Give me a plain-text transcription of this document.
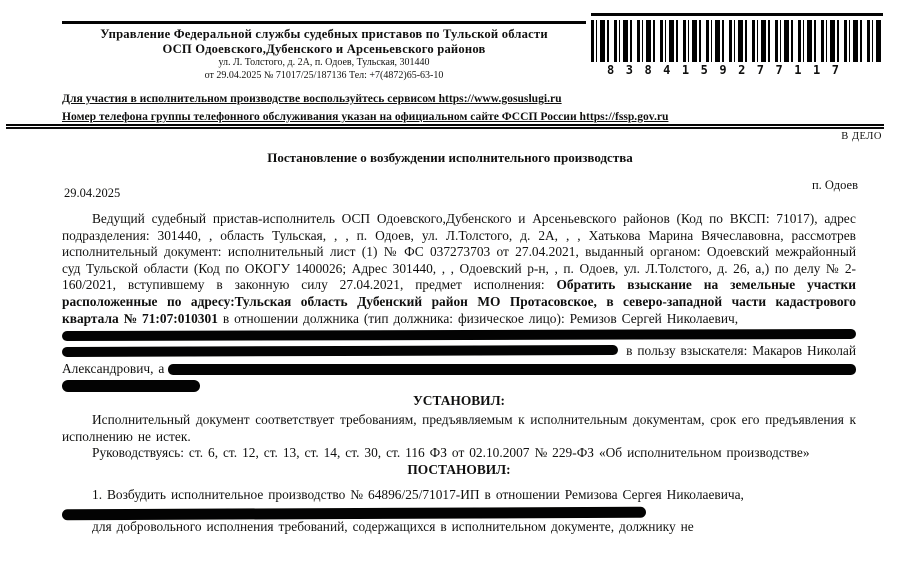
Управление Федеральной службы судебных приставов по Тульской области
ОСП Одоевского,Дубенского и Арсеньевского районов
ул. Л. Толстого, д. 2А, п. Одоев, Тульская, 301440
от 29.04.2025 № 71017/25/187136 Тел: +7(4872)65-63-10	8384159277117
Для участия в исполнительном производстве воспользуйтесь сервисом https://www.gosuslugi.ru
Номер телефона группы телефонного обслуживания указан на официальном сайте ФССП России https://fssp.gov.ru
В ДЕЛО
Постановление о возбуждении исполнительного производства
29.04.2025
п. Одоев

Ведущий судебный пристав-исполнитель ОСП Одоевского,Дубенского и Арсеньевского районов (Код по ВКСП: 71017), адрес подразделения: 301440, , область Тульская, , , п. Одоев, ул. Л.Толстого, д. 2А, , , Хатькова Марина Вячеславовна, рассмотрев исполнительный документ: исполнительный лист (1) № ФС 037273703 от 27.04.2021, выданный органом: Одоевский межрайонный суд Тульской области (Код по ОКОГУ 1400026; Адрес 301440, , , Одоевский р-н, , п. Одоев, ул. Л.Толстого, д. 26, а,) по делу № 2-160/2021, вступившему в законную силу 27.04.2021, предмет исполнения: Обратить взыскание на земельные участки расположенные по адресу:Тульская область Дубенский район МО Протасовское, в северо-западной части кадастрового квартала № 71:07:010301 в отношении должника (тип должника: физическое лицо): Ремизов Сергей Николаевич,

в пользу взыскателя: Макаров Николай
Александрович, а

УСТАНОВИЛ:

Исполнительный документ соответствует требованиям, предъявляемым к исполнительным документам, срок его предъявления к исполнению не истек.

Руководствуясь: ст. 6, ст. 12, ст. 13, ст. 14, ст. 30, ст. 116 ФЗ от 02.10.2007 № 229-ФЗ «Об исполнительном производстве»

ПОСТАНОВИЛ:

1. Возбудить исполнительное производство № 64896/25/71017-ИП в отношении Ремизова Сергея Николаевича,

для добровольного исполнения требований, содержащихся в исполнительном документе, должнику не
